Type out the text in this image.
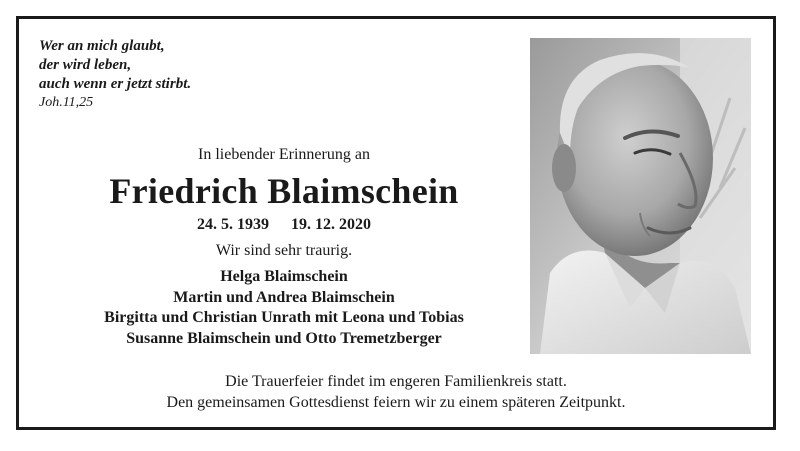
Wer an mich glaubt,
der wird leben,
auch wenn er jetzt stirbt.
Joh.11,25
In liebender Erinnerung an
Friedrich Blaimschein
24. 5. 1939 19. 12. 2020
Wir sind sehr traurig.
Helga Blaimschein
Martin und Andrea Blaimschein
Birgitta und Christian Unrath mit Leona und Tobias
Susanne Blaimschein und Otto Tremetzberger
Die Trauerfeier findet im engeren Familienkreis statt.
Den gemeinsamen Gottesdienst feiern wir zu einem späteren Zeitpunkt.
